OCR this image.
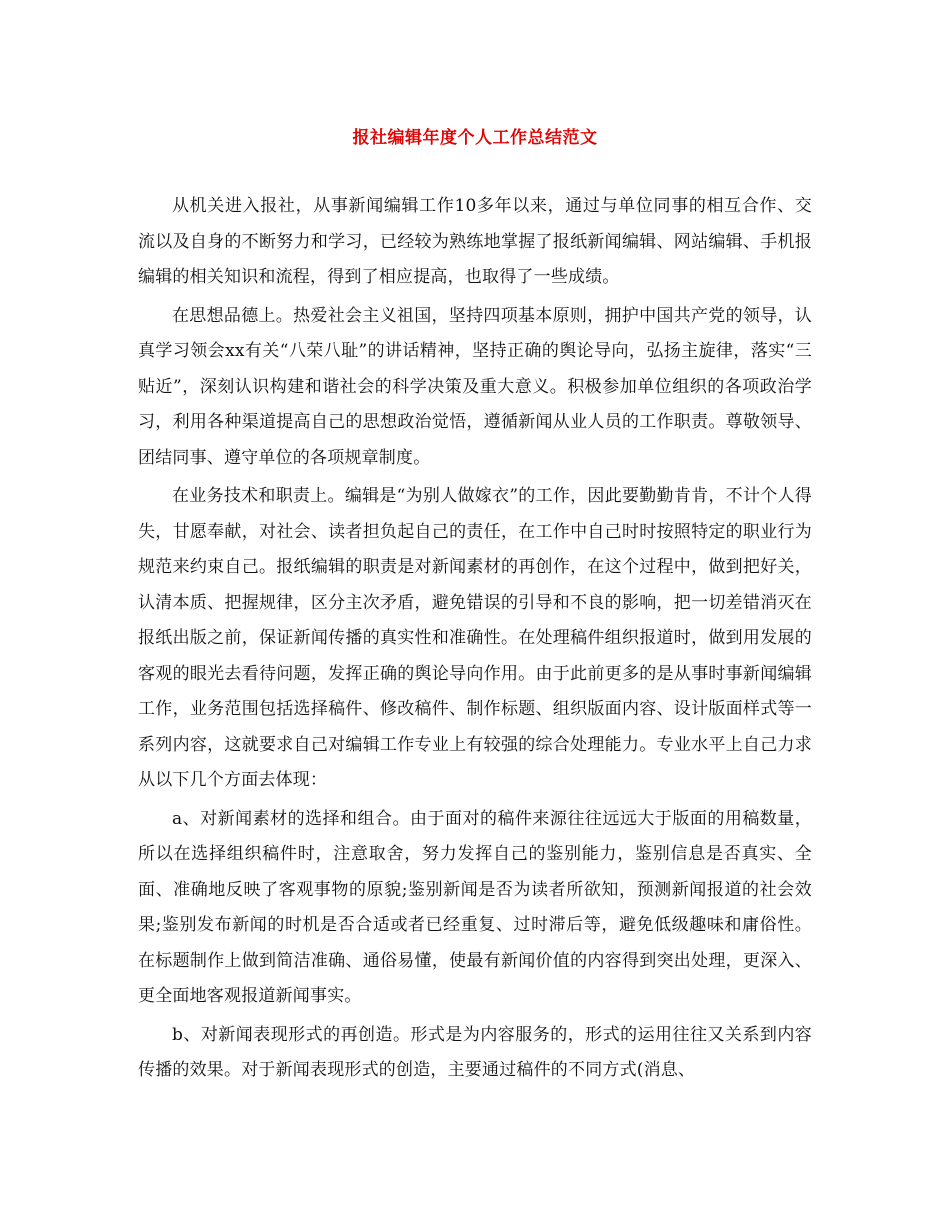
报社编辑年度个人工作总结范文

从机关进入报社，从事新闻编辑工作10多年以来，通过与单位同事的相互合作、交流以及自身的不断努力和学习，已经较为熟练地掌握了报纸新闻编辑、网站编辑、手机报编辑的相关知识和流程，得到了相应提高，也取得了一些成绩。

在思想品德上。热爱社会主义祖国，坚持四项基本原则，拥护中国共产党的领导，认真学习领会xx有关“八荣八耻”的讲话精神，坚持正确的舆论导向，弘扬主旋律，落实“三贴近”，深刻认识构建和谐社会的科学决策及重大意义。积极参加单位组织的各项政治学习，利用各种渠道提高自己的思想政治觉悟，遵循新闻从业人员的工作职责。尊敬领导、团结同事、遵守单位的各项规章制度。

在业务技术和职责上。编辑是“为别人做嫁衣”的工作，因此要勤勤肯肯，不计个人得失，甘愿奉献，对社会、读者担负起自己的责任，在工作中自己时时按照特定的职业行为规范来约束自己。报纸编辑的职责是对新闻素材的再创作，在这个过程中，做到把好关，认清本质、把握规律，区分主次矛盾，避免错误的引导和不良的影响，把一切差错消灭在报纸出版之前，保证新闻传播的真实性和准确性。在处理稿件组织报道时，做到用发展的客观的眼光去看待问题，发挥正确的舆论导向作用。由于此前更多的是从事时事新闻编辑工作，业务范围包括选择稿件、修改稿件、制作标题、组织版面内容、设计版面样式等一系列内容，这就要求自己对编辑工作专业上有较强的综合处理能力。专业水平上自己力求从以下几个方面去体现：

a、对新闻素材的选择和组合。由于面对的稿件来源往往远远大于版面的用稿数量，所以在选择组织稿件时，注意取舍，努力发挥自己的鉴别能力，鉴别信息是否真实、全面、准确地反映了客观事物的原貌;鉴别新闻是否为读者所欲知，预测新闻报道的社会效果;鉴别发布新闻的时机是否合适或者已经重复、过时滞后等，避免低级趣味和庸俗性。在标题制作上做到简洁准确、通俗易懂，使最有新闻价值的内容得到突出处理，更深入、更全面地客观报道新闻事实。

b、对新闻表现形式的再创造。形式是为内容服务的，形式的运用往往又关系到内容传播的效果。对于新闻表现形式的创造，主要通过稿件的不同方式(消息、
